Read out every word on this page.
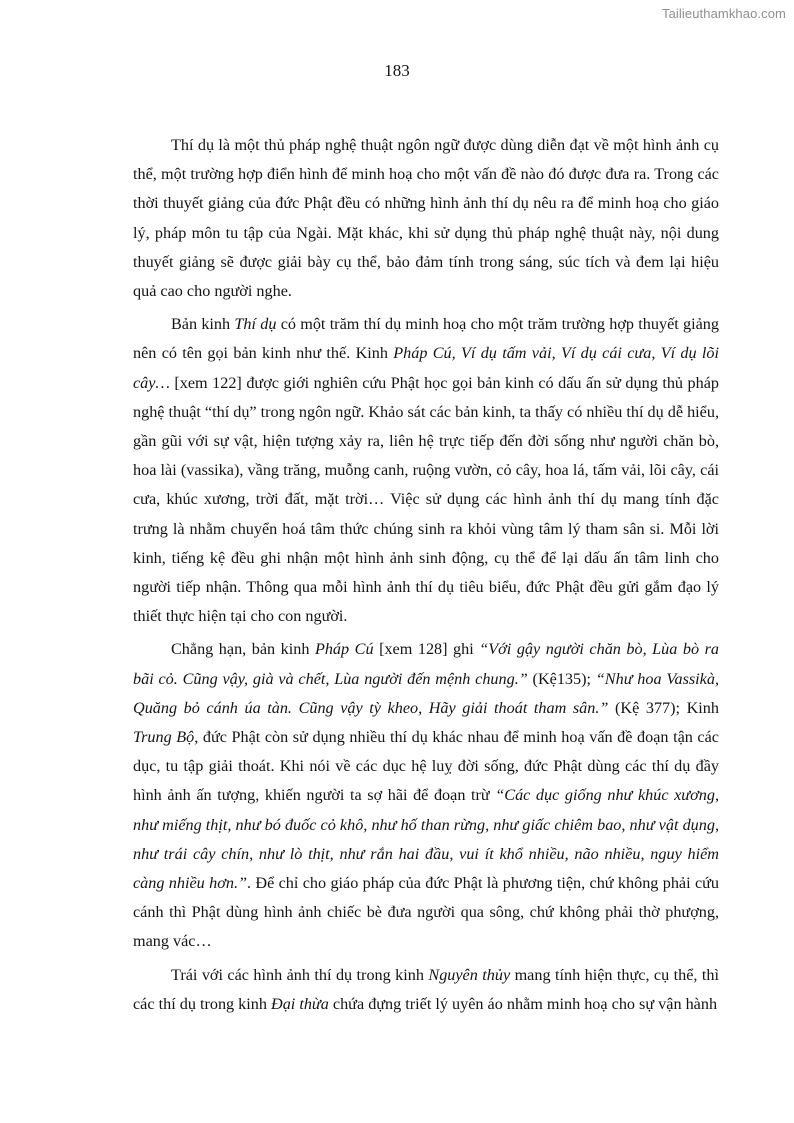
Tailieuthamkhao.com
183

Thí dụ là một thủ pháp nghệ thuật ngôn ngữ được dùng diễn đạt về một hình ảnh cụ thể, một trường hợp điển hình để minh hoạ cho một vấn đề nào đó được đưa ra. Trong các thời thuyết giảng của đức Phật đều có những hình ảnh thí dụ nêu ra để minh hoạ cho giáo lý, pháp môn tu tập của Ngài. Mặt khác, khi sử dụng thủ pháp nghệ thuật này, nội dung thuyết giảng sẽ được giải bày cụ thể, bảo đảm tính trong sáng, súc tích và đem lại hiệu quả cao cho người nghe.

Bản kinh Thí dụ có một trăm thí dụ minh hoạ cho một trăm trường hợp thuyết giảng nên có tên gọi bản kinh như thế. Kinh Pháp Cú, Ví dụ tấm vải, Ví dụ cái cưa, Ví dụ lõi cây… [xem 122] được giới nghiên cứu Phật học gọi bản kinh có dấu ấn sử dụng thủ pháp nghệ thuật “thí dụ” trong ngôn ngữ. Khảo sát các bản kinh, ta thấy có nhiều thí dụ dễ hiểu, gần gũi với sự vật, hiện tượng xảy ra, liên hệ trực tiếp đến đời sống như người chăn bò, hoa lài (vassika), vầng trăng, muỗng canh, ruộng vườn, cỏ cây, hoa lá, tấm vải, lõi cây, cái cưa, khúc xương, trời đất, mặt trời… Việc sử dụng các hình ảnh thí dụ mang tính đặc trưng là nhằm chuyển hoá tâm thức chúng sinh ra khỏi vùng tâm lý tham sân si. Mỗi lời kinh, tiếng kệ đều ghi nhận một hình ảnh sinh động, cụ thể để lại dấu ấn tâm linh cho người tiếp nhận. Thông qua mỗi hình ảnh thí dụ tiêu biểu, đức Phật đều gửi gắm đạo lý thiết thực hiện tại cho con người.

Chẳng hạn, bản kinh Pháp Cú [xem 128] ghi “Với gậy người chăn bò, Lùa bò ra bãi cỏ. Cũng vậy, già và chết, Lùa người đến mệnh chung.” (Kệ135); “Như hoa Vassikà, Quăng bỏ cánh úa tàn. Cũng vậy tỳ kheo, Hãy giải thoát tham sân.” (Kệ 377); Kinh Trung Bộ, đức Phật còn sử dụng nhiều thí dụ khác nhau để minh hoạ vấn đề đoạn tận các dục, tu tập giải thoát. Khi nói về các dục hệ luỵ đời sống, đức Phật dùng các thí dụ đầy hình ảnh ấn tượng, khiến người ta sợ hãi để đoạn trừ “Các dục giống như khúc xương, như miếng thịt, như bó đuốc cỏ khô, như hố than rừng, như giấc chiêm bao, như vật dụng, như trái cây chín, như lò thịt, như rắn hai đầu, vui ít khổ nhiều, não nhiều, nguy hiểm càng nhiều hơn.”. Để chỉ cho giáo pháp của đức Phật là phương tiện, chứ không phải cứu cánh thì Phật dùng hình ảnh chiếc bè đưa người qua sông, chứ không phải thờ phượng, mang vác…

Trái với các hình ảnh thí dụ trong kinh Nguyên thủy mang tính hiện thực, cụ thể, thì các thí dụ trong kinh Đại thừa chứa đựng triết lý uyên áo nhằm minh hoạ cho sự vận hành
